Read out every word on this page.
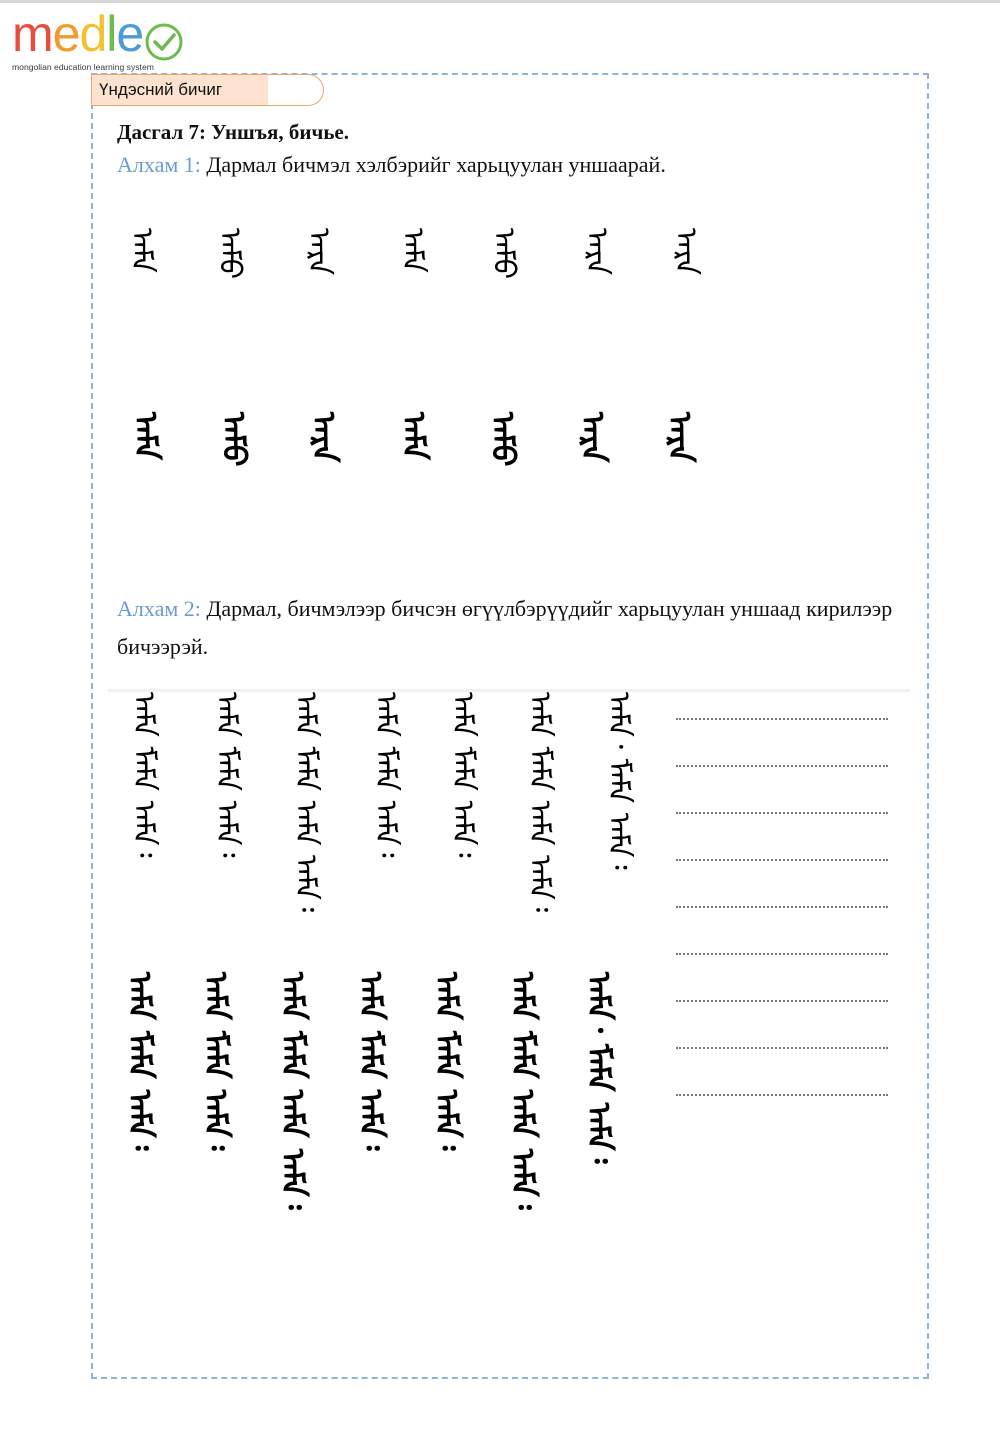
medle
mongolian education learning system
Үндэсний бичиг
Дасгал 7: Уншъя, бичье.
Алхам 1: Дармал бичмэл хэлбэрийг харьцуулан уншаарай.
ᠠᠮᠠ ᠠᠮᠤ ᠠᠷᠠ ᠠᠮᠠ ᠠᠮᠤ ᠠᠷᠠ ᠠᠷᠠ
ᠠᠮᠠ ᠠᠮᠤ ᠠᠷᠠ ᠠᠮᠠ ᠠᠮᠤ ᠠᠷᠠ ᠠᠷᠠ
Алхам 2: Дармал, бичмэлээр бичсэн өгүүлбэрүүдийг харьцуулан уншаад кирилээр бичээрэй.
ᠠᠮᠠ ᠮᠠᠮᠠ ᠠᠮᠠ᠄ ᠠᠮᠠ ᠮᠠᠮᠠ ᠠᠮᠠ᠄ ᠠᠮᠠ ᠮᠠᠮᠠ ᠠᠮᠠ ᠠᠮᠠ᠄ ᠠᠮᠠ ᠮᠠᠮᠠ ᠠᠮᠠ᠄ ᠠᠮᠠ ᠮᠠᠮᠠ ᠠᠮᠠ᠄ ᠠᠮᠠ ᠮᠠᠮᠠ ᠠᠮᠠ ᠠᠮᠠ᠄ ᠠᠮᠠ᠂ ᠮᠠᠮᠠ ᠠᠮᠠ᠄
ᠠᠮᠠ ᠮᠠᠮᠠ ᠠᠮᠠ᠄ ᠠᠮᠠ ᠮᠠᠮᠠ ᠠᠮᠠ᠄ ᠠᠮᠠ ᠮᠠᠮᠠ ᠠᠮᠠ ᠠᠮᠠ᠄ ᠠᠮᠠ ᠮᠠᠮᠠ ᠠᠮᠠ᠄ ᠠᠮᠠ ᠮᠠᠮᠠ ᠠᠮᠠ᠄ ᠠᠮᠠ ᠮᠠᠮᠠ ᠠᠮᠠ ᠠᠮᠠ᠄ ᠠᠮᠠ᠂ ᠮᠠᠮᠠ ᠠᠮᠠ᠄
